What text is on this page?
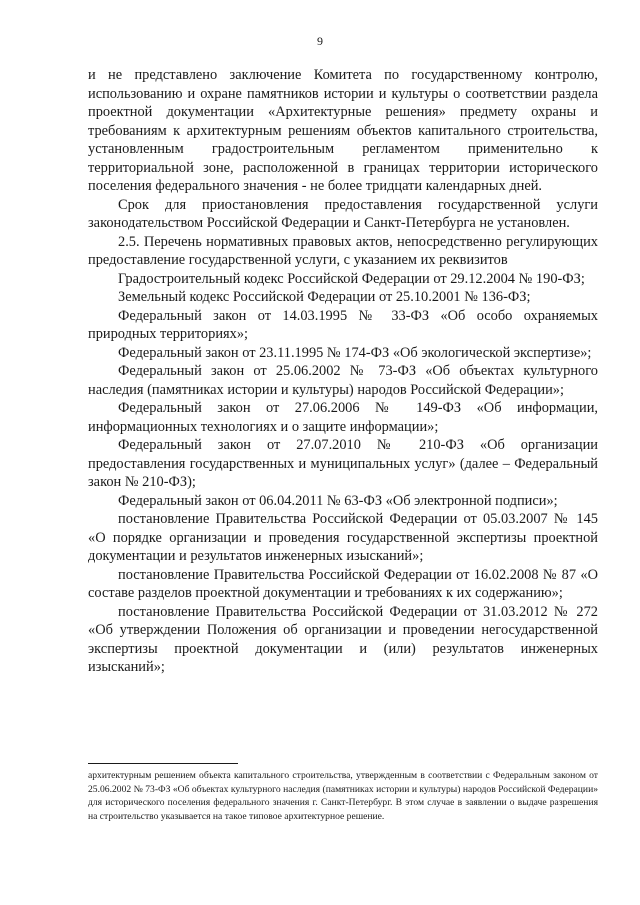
9

и не представлено заключение Комитета по государственному контролю, использованию и охране памятников истории и культуры о соответствии раздела проектной документации «Архитектурные решения» предмету охраны и требованиям к архитектурным решениям объектов капитального строительства, установленным градостроительным регламентом применительно к территориальной зоне, расположенной в границах территории исторического поселения федерального значения - не более тридцати календарных дней.

Срок для приостановления предоставления государственной услуги законодательством Российской Федерации и Санкт-Петербурга не установлен.

2.5. Перечень нормативных правовых актов, непосредственно регулирующих предоставление государственной услуги, с указанием их реквизитов

Градостроительный кодекс Российской Федерации от 29.12.2004 № 190-ФЗ;

Земельный кодекс Российской Федерации от 25.10.2001 № 136-ФЗ;

Федеральный закон от 14.03.1995 № 33-ФЗ «Об особо охраняемых природных территориях»;

Федеральный закон от 23.11.1995 № 174-ФЗ «Об экологической экспертизе»;

Федеральный закон от 25.06.2002 № 73-ФЗ «Об объектах культурного наследия (памятниках истории и культуры) народов Российской Федерации»;

Федеральный закон от 27.06.2006 № 149-ФЗ «Об информации, информационных технологиях и о защите информации»;

Федеральный закон от 27.07.2010 № 210-ФЗ «Об организации предоставления государственных и муниципальных услуг» (далее – Федеральный закон № 210-ФЗ);

Федеральный закон от 06.04.2011 № 63-ФЗ «Об электронной подписи»;

постановление Правительства Российской Федерации от 05.03.2007 № 145 «О порядке организации и проведения государственной экспертизы проектной документации и результатов инженерных изысканий»;

постановление Правительства Российской Федерации от 16.02.2008 № 87 «О составе разделов проектной документации и требованиях к их содержанию»;

постановление Правительства Российской Федерации от 31.03.2012 № 272 «Об утверждении Положения об организации и проведении негосударственной экспертизы проектной документации и (или) результатов инженерных изысканий»;

архитектурным решением объекта капитального строительства, утвержденным в соответствии с Федеральным законом от 25.06.2002 № 73-ФЗ «Об объектах культурного наследия (памятниках истории и культуры) народов Российской Федерации» для исторического поселения федерального значения г. Санкт-Петербург. В этом случае в заявлении о выдаче разрешения на строительство указывается на такое типовое архитектурное решение.
